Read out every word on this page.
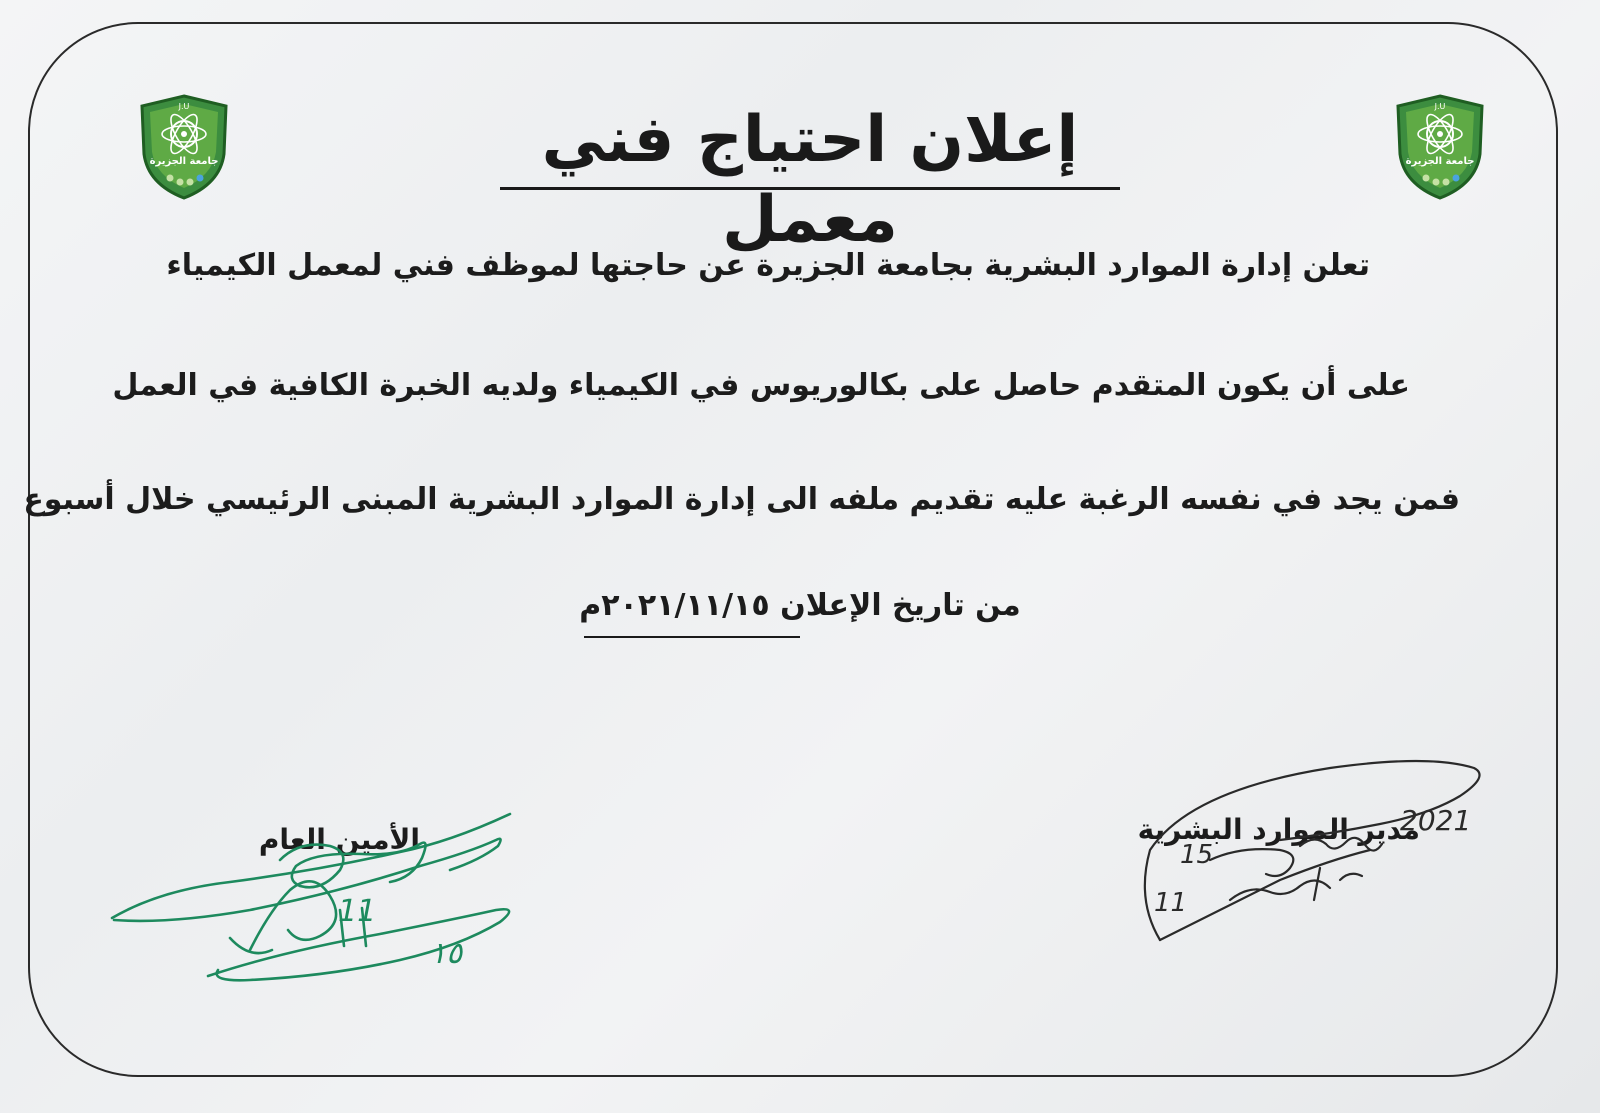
J.U
جامعة الجزيرة
J.U
جامعة الجزيرة
إعلان احتياج فني معمل
تعلن إدارة الموارد البشرية بجامعة الجزيرة عن حاجتها لموظف فني لمعمل الكيمياء
على أن يكون المتقدم حاصل على بكالوريوس في الكيمياء ولديه الخبرة الكافية في العمل
فمن يجد في نفسه الرغبة عليه تقديم ملفه الى إدارة الموارد البشرية المبنى الرئيسي خلال أسبوع
من تاريخ الإعلان ٢٠٢١/١١/١٥م
الأمين العام
11
١٥
مدير الموارد البشرية
2021
15
11
